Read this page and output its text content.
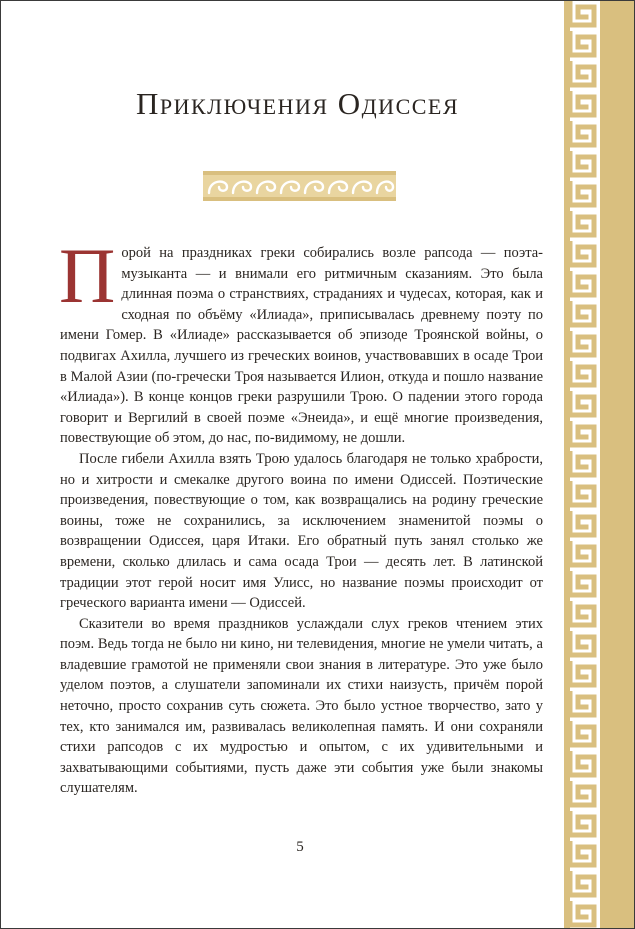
Приключения Одиссея

Порой на праздниках греки собирались возле рапсода — поэта-музыканта — и внимали его ритмичным сказаниям. Это была длинная поэма о странствиях, страданиях и чудесах, которая, как и сходная по объёму «Илиада», приписывалась древнему поэту по имени Гомер. В «Илиаде» рассказывается об эпизоде Троянской войны, о подвигах Ахилла, лучшего из греческих воинов, участвовавших в осаде Трои в Малой Азии (по-гречески Троя называется Илион, откуда и пошло название «Илиада»). В конце концов греки разрушили Трою. О падении этого города говорит и Вергилий в своей поэме «Энеида», и ещё многие произведения, повествующие об этом, до нас, по-видимому, не дошли.

После гибели Ахилла взять Трою удалось благодаря не только храбрости, но и хитрости и смекалке другого воина по имени Одиссей. Поэтические произведения, повествующие о том, как возвращались на родину греческие воины, тоже не сохранились, за исключением знаменитой поэмы о возвращении Одиссея, царя Итаки. Его обратный путь занял столько же времени, сколько длилась и сама осада Трои — десять лет. В латинской традиции этот герой носит имя Улисс, но название поэмы происходит от греческого варианта имени — Одиссей.

Сказители во время праздников услаждали слух греков чтением этих поэм. Ведь тогда не было ни кино, ни телевидения, многие не умели читать, а владевшие грамотой не применяли свои знания в литературе. Это уже было уделом поэтов, а слушатели запоминали их стихи наизусть, причём порой неточно, просто сохранив суть сюжета. Это было устное творчество, зато у тех, кто занимался им, развивалась великолепная память. И они сохраняли стихи рапсодов с их мудростью и опытом, с их удивительными и захватывающими событиями, пусть даже эти события уже были знакомы слушателям.

5
